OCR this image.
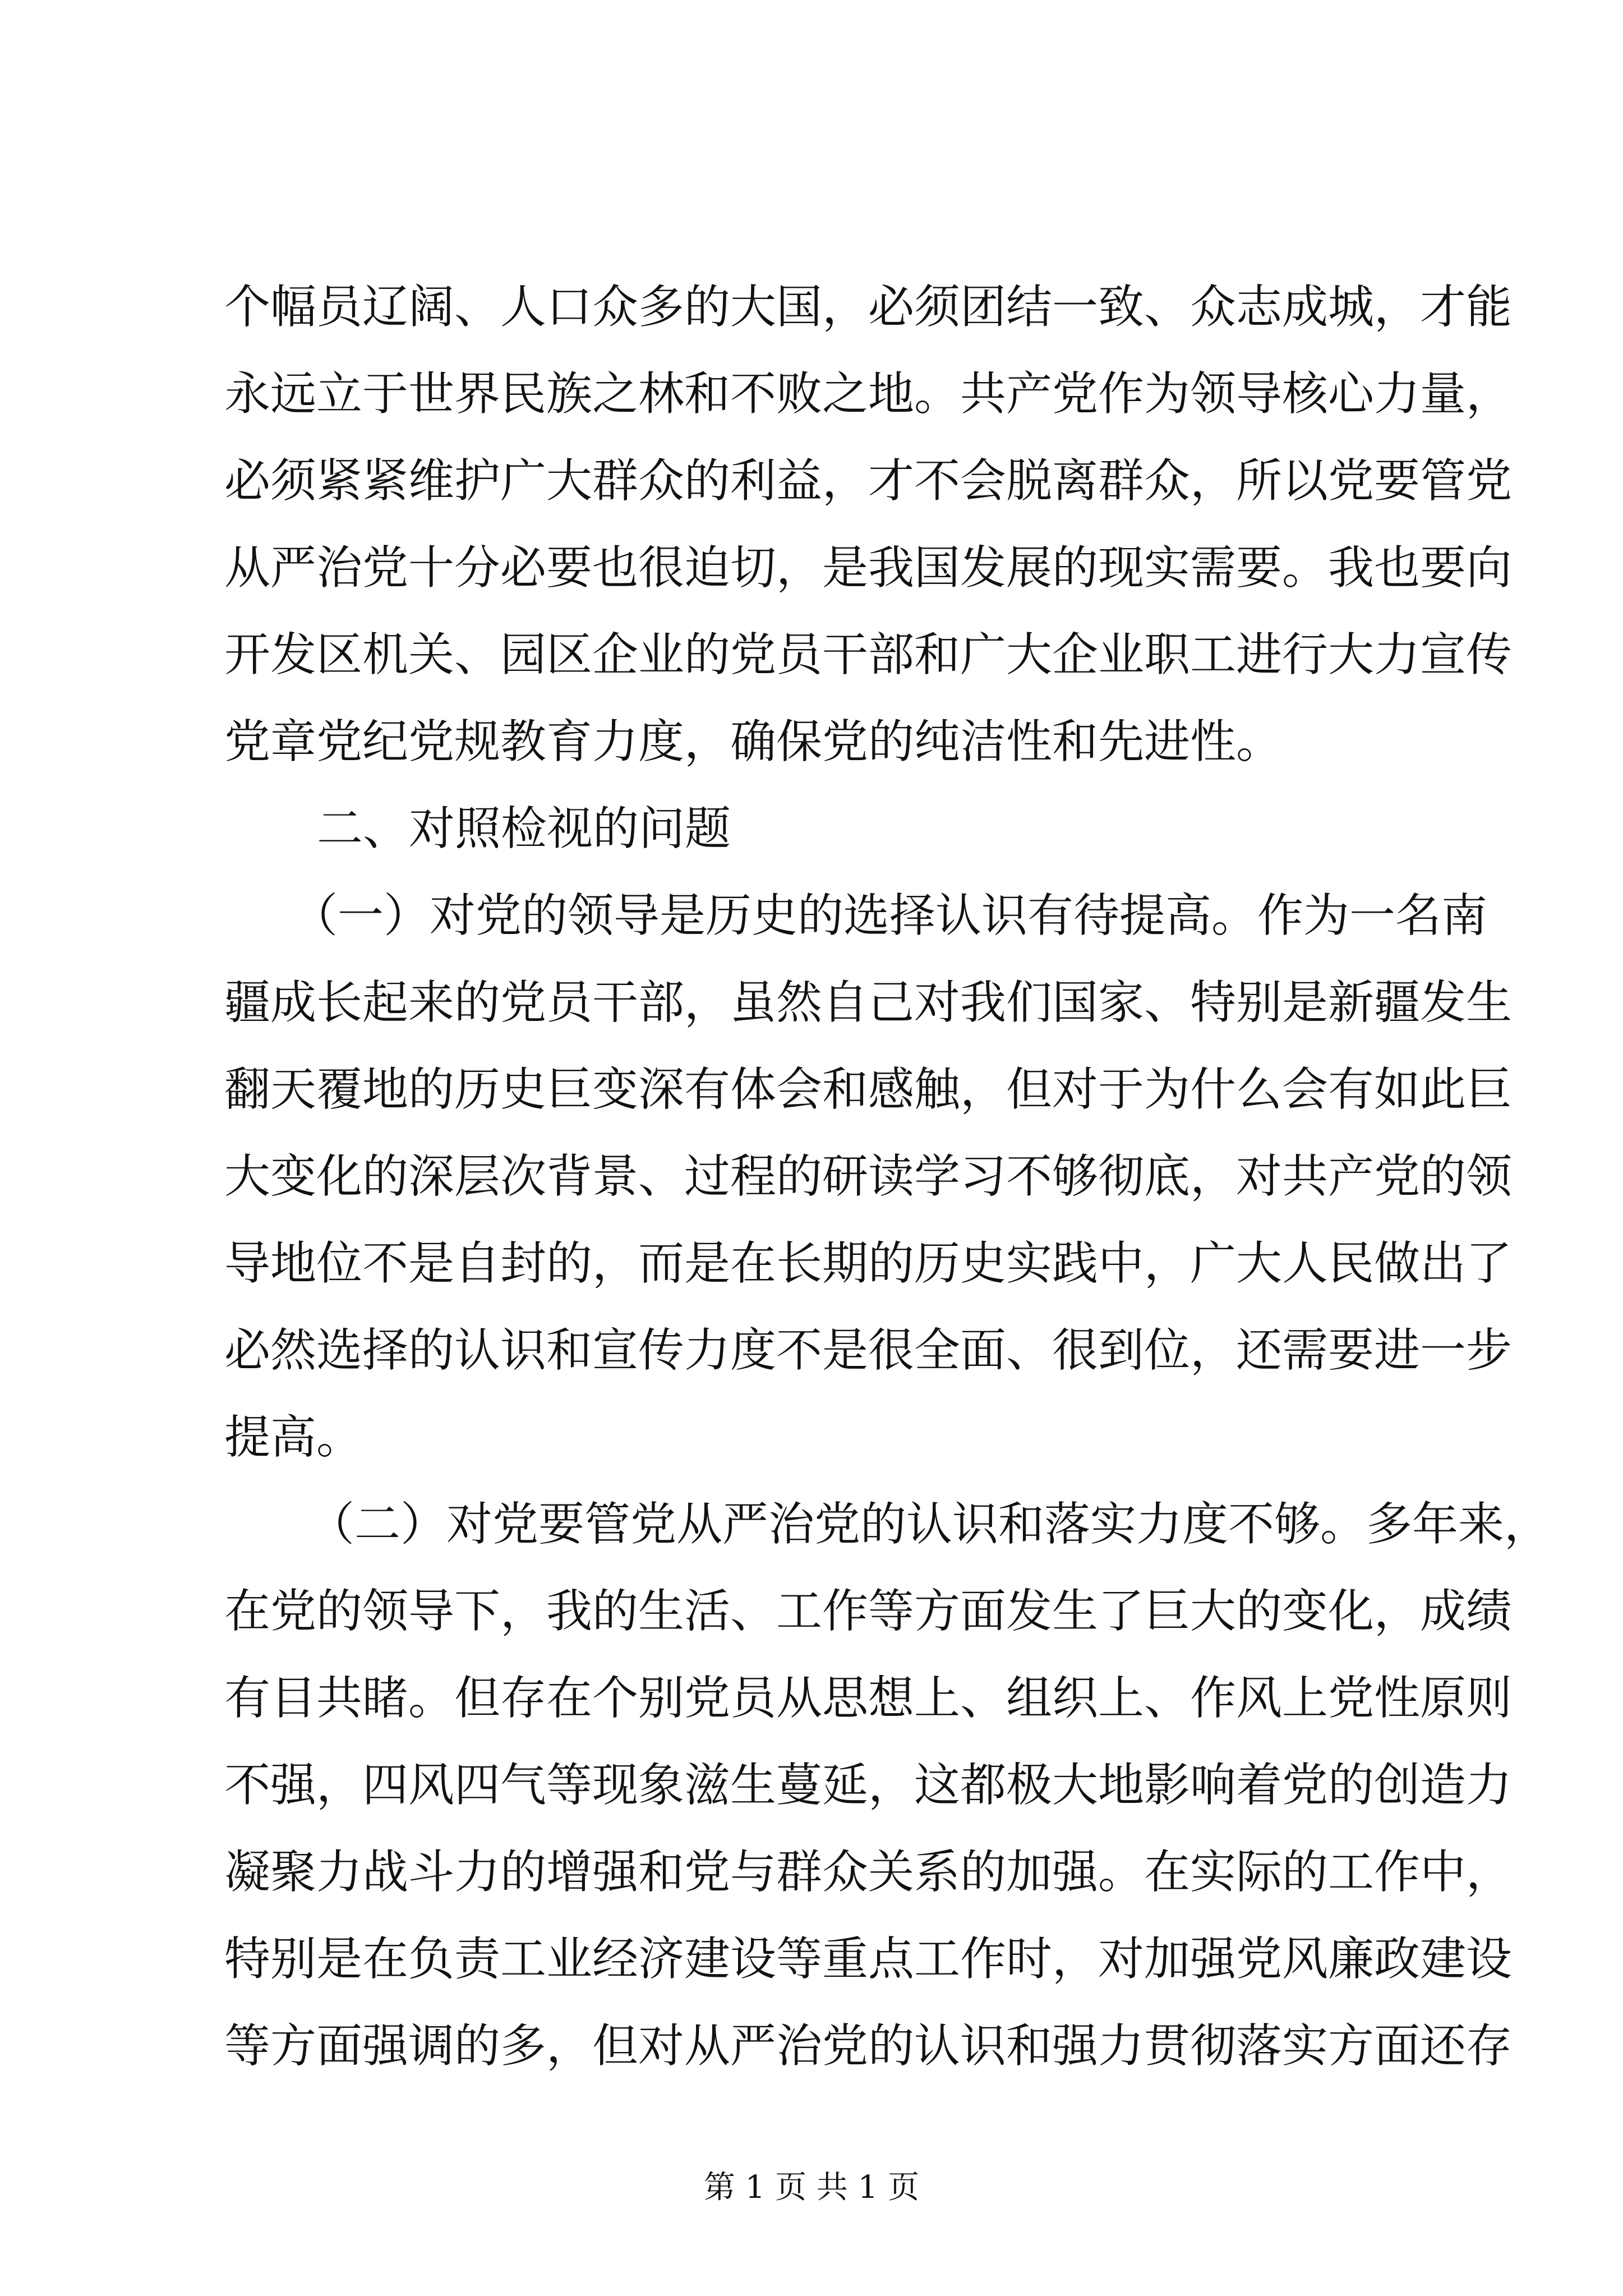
个幅员辽阔、人口众多的大国，必须团结一致、众志成城，才能
永远立于世界民族之林和不败之地。共产党作为领导核心力量，
必须紧紧维护广大群众的利益，才不会脱离群众，所以党要管党
从严治党十分必要也很迫切，是我国发展的现实需要。我也要向
开发区机关、园区企业的党员干部和广大企业职工进行大力宣传
党章党纪党规教育力度，确保党的纯洁性和先进性。
二、对照检视的问题
（一）对党的领导是历史的选择认识有待提高。作为一名南
疆成长起来的党员干部，虽然自己对我们国家、特别是新疆发生
翻天覆地的历史巨变深有体会和感触，但对于为什么会有如此巨
大变化的深层次背景、过程的研读学习不够彻底，对共产党的领
导地位不是自封的，而是在长期的历史实践中，广大人民做出了
必然选择的认识和宣传力度不是很全面、很到位，还需要进一步
提高。
（二）对党要管党从严治党的认识和落实力度不够。多年来，
在党的领导下，我的生活、工作等方面发生了巨大的变化，成绩
有目共睹。但存在个别党员从思想上、组织上、作风上党性原则
不强，四风四气等现象滋生蔓延，这都极大地影响着党的创造力
凝聚力战斗力的增强和党与群众关系的加强。在实际的工作中，
特别是在负责工业经济建设等重点工作时，对加强党风廉政建设
等方面强调的多，但对从严治党的认识和强力贯彻落实方面还存
第 1 页 共 1 页
